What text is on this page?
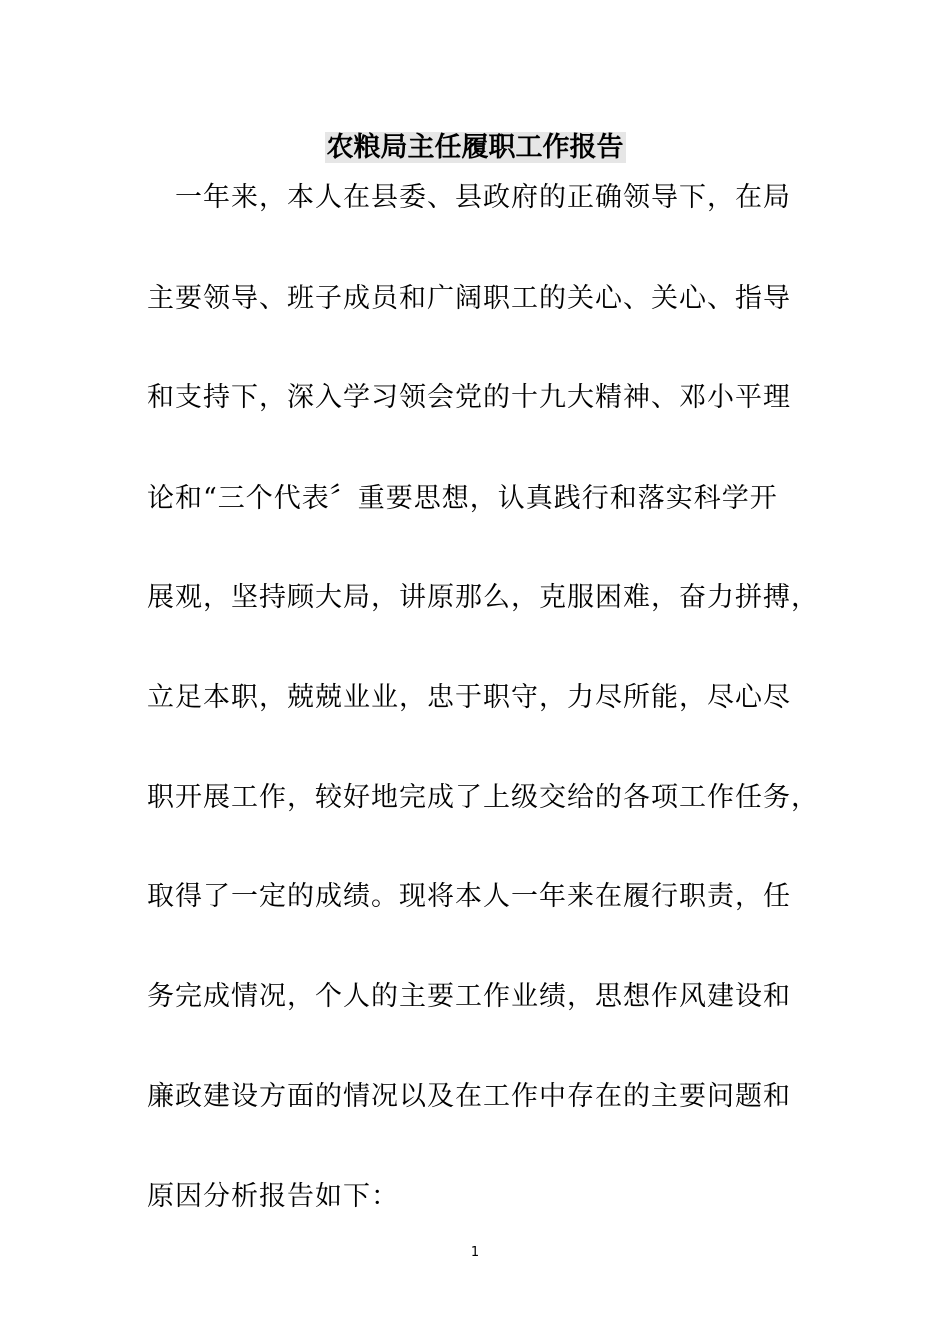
农粮局主任履职工作报告
一年来，本人在县委、县政府的正确领导下，在局
主要领导、班子成员和广阔职工的关心、关心、指导
和支持下，深入学习领会党的十九大精神、邓小平理
论和“三个代表〞重要思想，认真践行和落实科学开
展观，坚持顾大局，讲原那么，克服困难，奋力拼搏，
立足本职，兢兢业业，忠于职守，力尽所能，尽心尽
职开展工作，较好地完成了上级交给的各项工作任务，
取得了一定的成绩。现将本人一年来在履行职责，任
务完成情况，个人的主要工作业绩，思想作风建设和
廉政建设方面的情况以及在工作中存在的主要问题和
原因分析报告如下：
1
